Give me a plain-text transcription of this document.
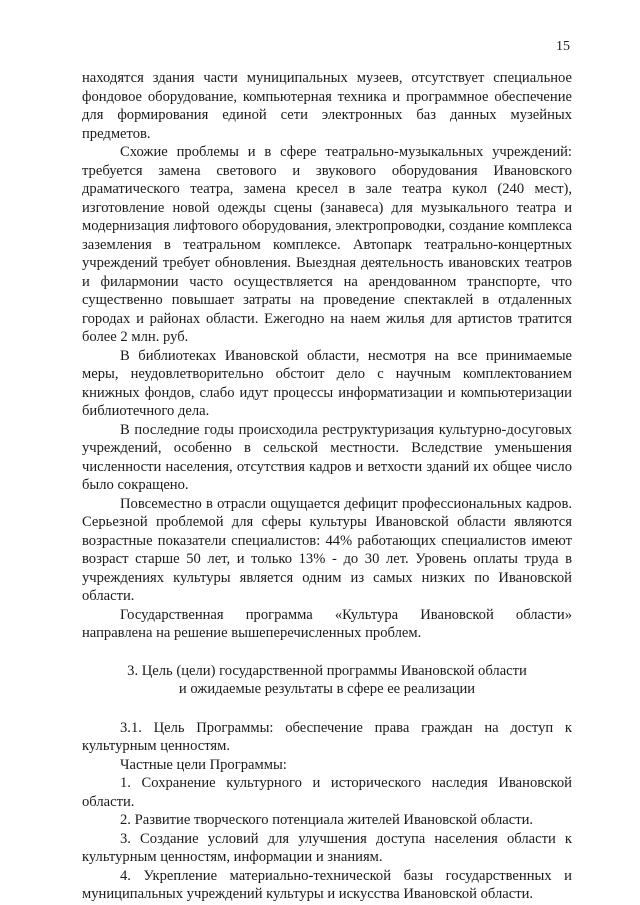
15

находятся здания части муниципальных музеев, отсутствует специальное фондовое оборудование, компьютерная техника и программное обеспечение для формирования единой сети электронных баз данных музейных предметов.

Схожие проблемы и в сфере театрально-музыкальных учреждений: требуется замена светового и звукового оборудования Ивановского драматического театра, замена кресел в зале театра кукол (240 мест), изготовление новой одежды сцены (занавеса) для музыкального театра и модернизация лифтового оборудования, электропроводки, создание комплекса заземления в театральном комплексе. Автопарк театрально-концертных учреждений требует обновления. Выездная деятельность ивановских театров и филармонии часто осуществляется на арендованном транспорте, что существенно повышает затраты на проведение спектаклей в отдаленных городах и районах области. Ежегодно на наем жилья для артистов тратится более 2 млн. руб.

В библиотеках Ивановской области, несмотря на все принимаемые меры, неудовлетворительно обстоит дело с научным комплектованием книжных фондов, слабо идут процессы информатизации и компьютеризации библиотечного дела.

В последние годы происходила реструктуризация культурно-досуговых учреждений, особенно в сельской местности. Вследствие уменьшения численности населения, отсутствия кадров и ветхости зданий их общее число было сокращено.

Повсеместно в отрасли ощущается дефицит профессиональных кадров. Серьезной проблемой для сферы культуры Ивановской области являются возрастные показатели специалистов: 44% работающих специалистов имеют возраст старше 50 лет, и только 13% - до 30 лет. Уровень оплаты труда в учреждениях культуры является одним из самых низких по Ивановской области.

Государственная программа «Культура Ивановской области» направлена на решение вышеперечисленных проблем.

3. Цель (цели) государственной программы Ивановской области
и ожидаемые результаты в сфере ее реализации

3.1. Цель Программы: обеспечение права граждан на доступ к культурным ценностям.

Частные цели Программы:

1. Сохранение культурного и исторического наследия Ивановской области.

2. Развитие творческого потенциала жителей Ивановской области.

3. Создание условий для улучшения доступа населения области к культурным ценностям, информации и знаниям.

4. Укрепление материально-технической базы государственных и муниципальных учреждений культуры и искусства Ивановской области.
